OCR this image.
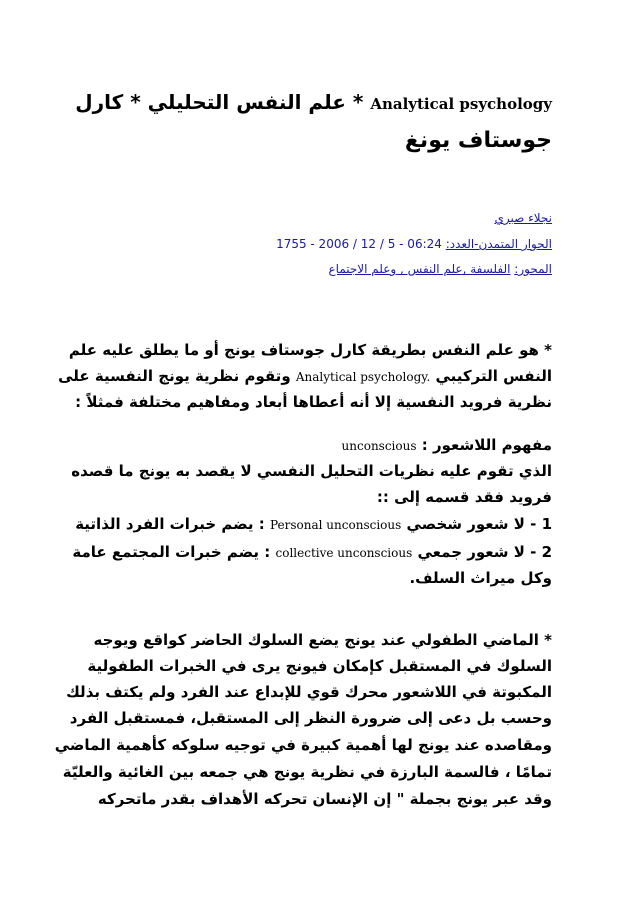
* علم النفس التحليلي * كارل Analytical psychology
جوستاف يونغ
نجلاء صبري
الحوار المتمدن-العدد: 1755 - 2006 / 12 / 5 - 06:24
المحور: الفلسفة ,علم النفس , وعلم الاجتماع
* هو علم النفس بطريقة كارل جوستاف يونج أو ما يطلق عليه علم
النفس التركيبي Analytical psychology. وتقوم نظرية يونج النفسية على
نظرية فرويد النفسية إلا أنه أعطاها أبعاد ومفاهيم مختلفة فمثلاً :
مفهوم اللاشعور : unconscious
الذي تقوم عليه نظريات التحليل النفسي لا يقصد به يونج ما قصده
فرويد فقد قسمه إلى ::
1 - لا شعور شخصي Personal unconscious : يضم خبرات الفرد الذاتية
2 - لا شعور جمعي collective unconscious : يضم خبرات المجتمع عامة
وكل ميراث السلف.
* الماضي الطفولي عند يونج يضع السلوك الحاضر كواقع ويوجه
السلوك في المستقبل كإمكان فيونج يرى في الخبرات الطفولية
المكبوتة في اللاشعور محرك قوي للإبداع عند الفرد ولم يكتف بذلك
وحسب بل دعى إلى ضرورة النظر إلى المستقبل، فمستقبل الفرد
ومقاصده عند يونج لها أهمية كبيرة في توجيه سلوكه كأهمية الماضي
تمامًا ، فالسمة البارزة في نظرية يونج هي جمعه بين الغائية والعليّة
وقد عبر يونج بجملة " إن الإنسان تحركه الأهداف بقدر ماتحركه
